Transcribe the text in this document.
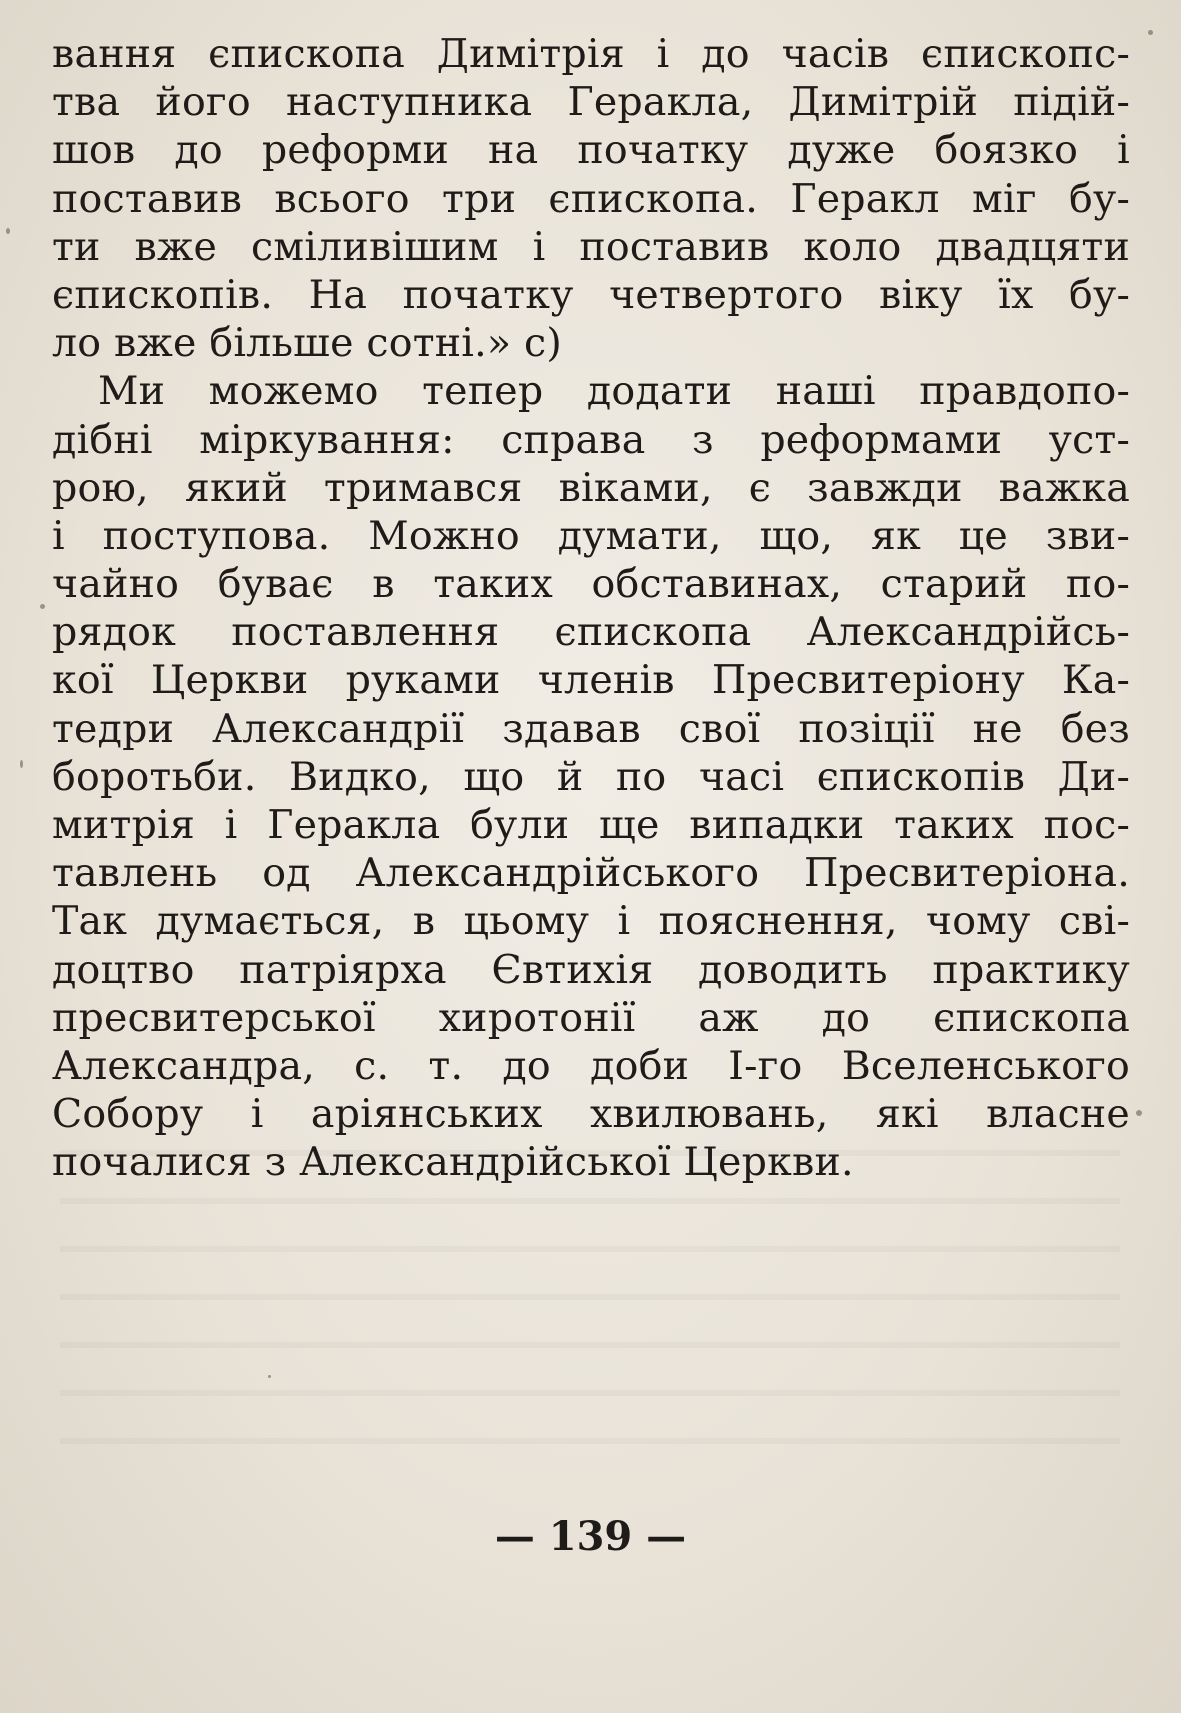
вання єпископа Димітрія і до часів єпископс-
тва його наступника Геракла, Димітрій підій-
шов до реформи на початку дуже боязко і
поставив всього три єпископа. Геракл міг бу-
ти вже сміливішим і поставив коло двадцяти
єпископів. На початку четвертого віку їх бу-
ло вже більше сотні.» с)
Ми можемо тепер додати наші правдопо-
дібні міркування: справа з реформами уст-
рою, який тримався віками, є завжди важка
і поступова. Можно думати, що, як це зви-
чайно буває в таких обставинах, старий по-
рядок поставлення єпископа Александрійсь-
кої Церкви руками членів Пресвитеріону Ка-
тедри Александрії здавав свої позіції не без
боротьби. Видко, що й по часі єпископів Ди-
митрія і Геракла були ще випадки таких пос-
тавлень од Александрійського Пресвитеріона.
Так думається, в цьому і пояснення, чому сві-
доцтво патріярха Євтихія доводить практику
пресвитерської хиротонії аж до єпископа
Александра, с. т. до доби І-го Вселенського
Собору і аріянських хвилювань, які власне
почалися з Александрійської Церкви.
— 139 —
